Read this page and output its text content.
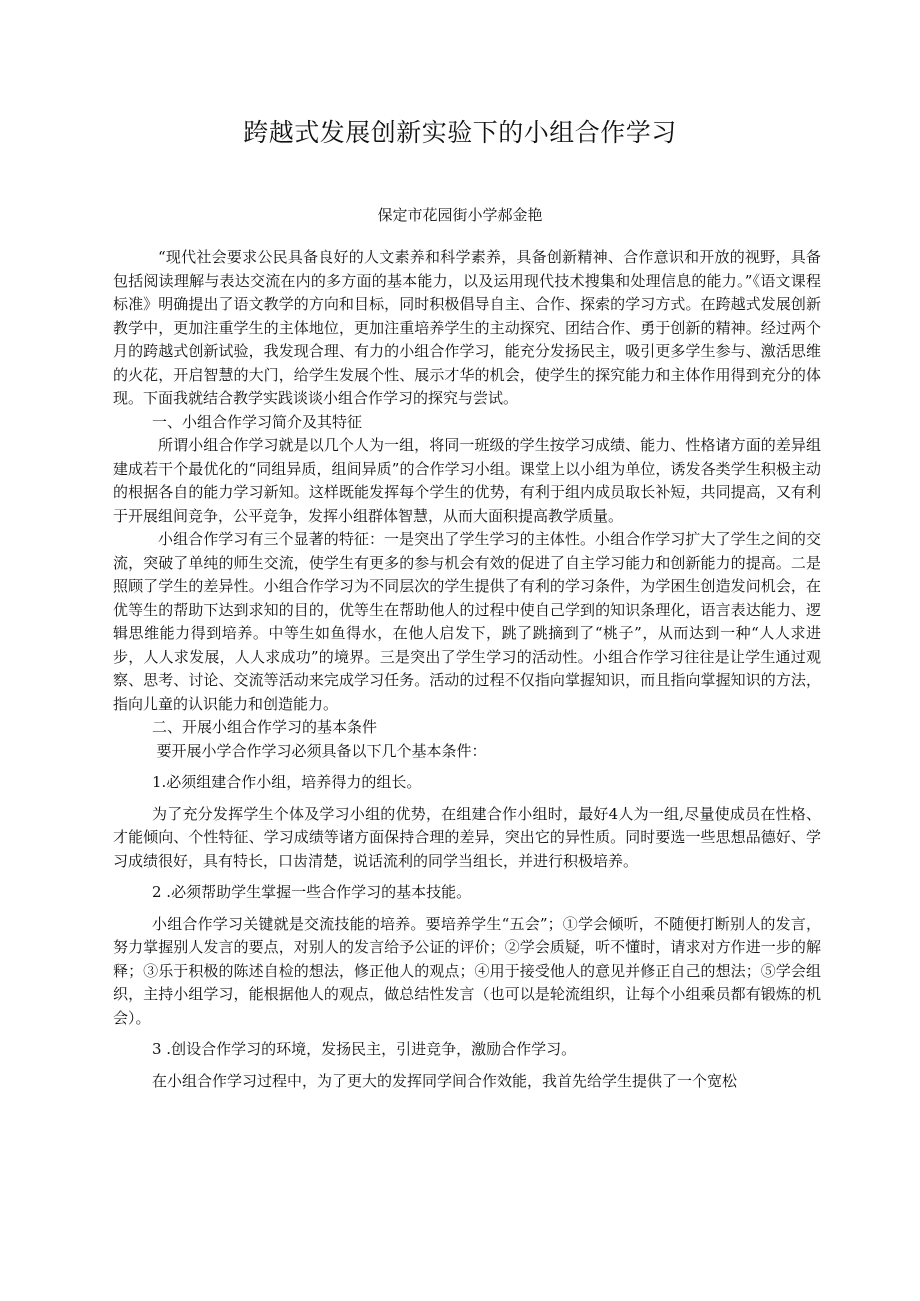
跨越式发展创新实验下的小组合作学习

保定市花园街小学郝金艳

“现代社会要求公民具备良好的人文素养和科学素养，具备创新精神、合作意识和开放的视野，具备包括阅读理解与表达交流在内的多方面的基本能力，以及运用现代技术搜集和处理信息的能力。”《语文课程标准》明确提出了语文教学的方向和目标，同时积极倡导自主、合作、探索的学习方式。在跨越式发展创新教学中，更加注重学生的主体地位，更加注重培养学生的主动探究、团结合作、勇于创新的精神。经过两个月的跨越式创新试验，我发现合理、有力的小组合作学习，能充分发扬民主，吸引更多学生参与、激活思维的火花，开启智慧的大门，给学生发展个性、展示才华的机会，使学生的探究能力和主体作用得到充分的体现。下面我就结合教学实践谈谈小组合作学习的探究与尝试。

一、小组合作学习简介及其特征

所谓小组合作学习就是以几个人为一组，将同一班级的学生按学习成绩、能力、性格诸方面的差异组建成若干个最优化的“同组异质，组间异质”的合作学习小组。课堂上以小组为单位，诱发各类学生积极主动的根据各自的能力学习新知。这样既能发挥每个学生的优势，有利于组内成员取长补短，共同提高，又有利于开展组间竞争，公平竞争，发挥小组群体智慧，从而大面积提高教学质量。

小组合作学习有三个显著的特征：一是突出了学生学习的主体性。小组合作学习扩大了学生之间的交流，突破了单纯的师生交流，使学生有更多的参与机会有效的促进了自主学习能力和创新能力的提高。二是照顾了学生的差异性。小组合作学习为不同层次的学生提供了有利的学习条件，为学困生创造发问机会，在优等生的帮助下达到求知的目的，优等生在帮助他人的过程中使自己学到的知识条理化，语言表达能力、逻辑思维能力得到培养。中等生如鱼得水，在他人启发下，跳了跳摘到了“桃子”，从而达到一种“人人求进步，人人求发展，人人求成功”的境界。三是突出了学生学习的活动性。小组合作学习往往是让学生通过观察、思考、讨论、交流等活动来完成学习任务。活动的过程不仅指向掌握知识，而且指向掌握知识的方法，指向儿童的认识能力和创造能力。

二、开展小组合作学习的基本条件

要开展小学合作学习必须具备以下几个基本条件：

1.必须组建合作小组，培养得力的组长。

为了充分发挥学生个体及学习小组的优势，在组建合作小组时，最好4人为一组,尽量使成员在性格、才能倾向、个性特征、学习成绩等诸方面保持合理的差异，突出它的异性质。同时要选一些思想品德好、学习成绩很好，具有特长，口齿清楚，说话流利的同学当组长，并进行积极培养。

2 .必须帮助学生掌握一些合作学习的基本技能。

小组合作学习关键就是交流技能的培养。要培养学生“五会”；①学会倾听，不随便打断别人的发言，努力掌握别人发言的要点，对别人的发言给予公证的评价；②学会质疑，听不懂时，请求对方作进一步的解释；③乐于积极的陈述自检的想法，修正他人的观点；④用于接受他人的意见并修正自己的想法；⑤学会组织，主持小组学习，能根据他人的观点，做总结性发言（也可以是轮流组织，让每个小组乘员都有锻炼的机会）。

3 .创设合作学习的环境，发扬民主，引进竞争，激励合作学习。

在小组合作学习过程中，为了更大的发挥同学间合作效能，我首先给学生提供了一个宽松
